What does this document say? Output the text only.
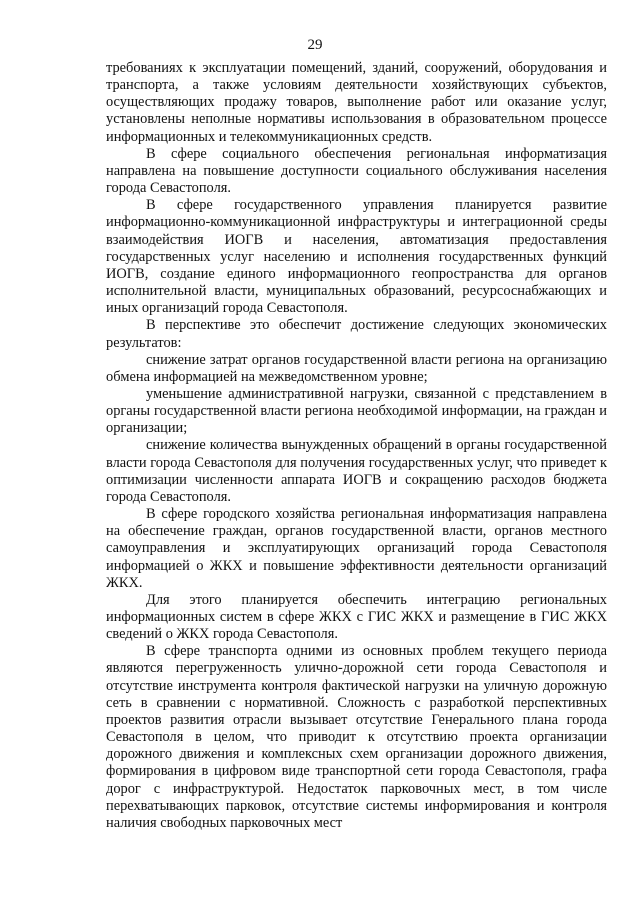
29

требованиях к эксплуатации помещений, зданий, сооружений, оборудования и транспорта, а также условиям деятельности хозяйствующих субъектов, осуществляющих продажу товаров, выполнение работ или оказание услуг, установлены неполные нормативы использования в образовательном процессе информационных и телекоммуникационных средств.

В сфере социального обеспечения региональная информатизация направлена на повышение доступности социального обслуживания населения города Севастополя.

В сфере государственного управления планируется развитие информационно-коммуникационной инфраструктуры и интеграционной среды взаимодействия ИОГВ и населения, автоматизация предоставления государственных услуг населению и исполнения государственных функций ИОГВ, создание единого информационного геопространства для органов исполнительной власти, муниципальных образований, ресурсоснабжающих и иных организаций города Севастополя.

В перспективе это обеспечит достижение следующих экономических результатов:

снижение затрат органов государственной власти региона на организацию обмена информацией на межведомственном уровне;

уменьшение административной нагрузки, связанной с представлением в органы государственной власти региона необходимой информации, на граждан и организации;

снижение количества вынужденных обращений в органы государственной власти города Севастополя для получения государственных услуг, что приведет к оптимизации численности аппарата ИОГВ и сокращению расходов бюджета города Севастополя.

В сфере городского хозяйства региональная информатизация направлена на обеспечение граждан, органов государственной власти, органов местного самоуправления и эксплуатирующих организаций города Севастополя информацией о ЖКХ и повышение эффективности деятельности организаций ЖКХ.

Для этого планируется обеспечить интеграцию региональных информационных систем в сфере ЖКХ с ГИС ЖКХ и размещение в ГИС ЖКХ сведений о ЖКХ города Севастополя.

В сфере транспорта одними из основных проблем текущего периода являются перегруженность улично-дорожной сети города Севастополя и отсутствие инструмента контроля фактической нагрузки на уличную дорожную сеть в сравнении с нормативной. Сложность с разработкой перспективных проектов развития отрасли вызывает отсутствие Генерального плана города Севастополя в целом, что приводит к отсутствию проекта организации дорожного движения и комплексных схем организации дорожного движения, формирования в цифровом виде транспортной сети города Севастополя, графа дорог с инфраструктурой. Недостаток парковочных мест, в том числе перехватывающих парковок, отсутствие системы информирования и контроля наличия свободных парковочных мест
